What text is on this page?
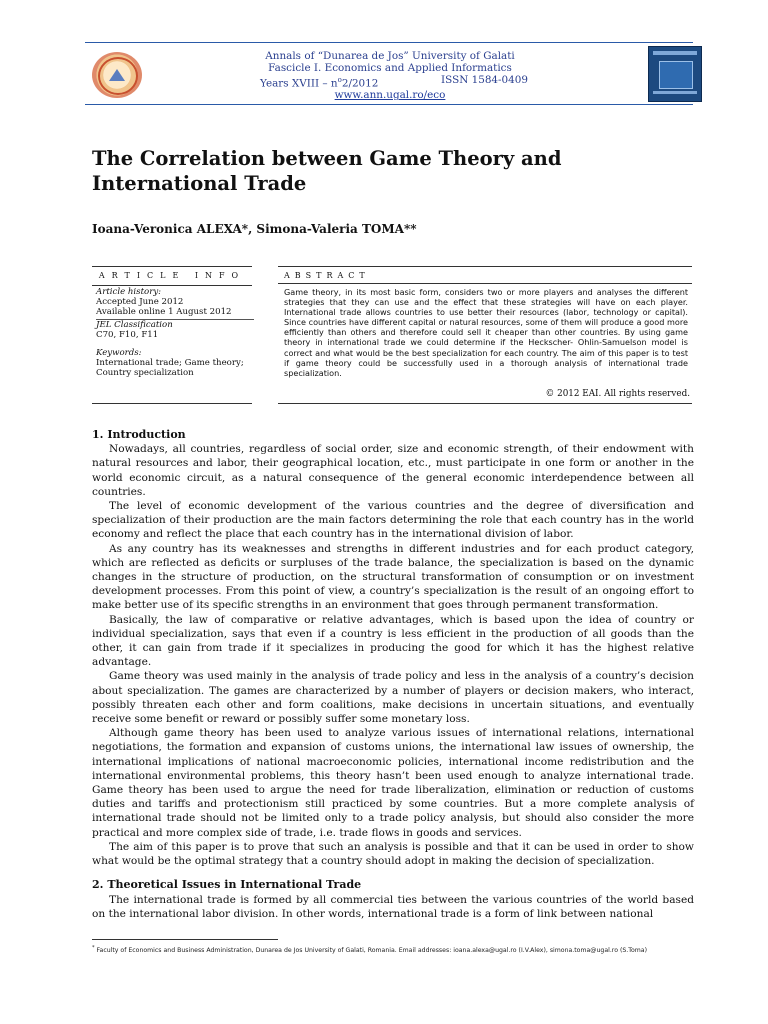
Annals of “Dunarea de Jos” University of Galati
Fascicle I. Economics and Applied Informatics
Years XVIII – $n^o2/2012$	ISSN 1584-0409
www.ann.ugal.ro/eco
The Correlation between Game Theory and International Trade
Ioana-Veronica ALEXA*, Simona-Valeria TOMA**
ARTICLE INFO	ABSTRACT
Article history:
Accepted June 2012
Available online 1 August 2012
JEL Classification
C70, F10, F11
Keywords:
International trade; Game theory;
Country specialization
Game theory, in its most basic form, considers two or more players and analyses the different strategies that they can use and the effect that these strategies will have on each player. International trade allows countries to use better their resources (labor, technology or capital). Since countries have different capital or natural resources, some of them will produce a good more efficiently than others and therefore could sell it cheaper than other countries. By using game theory in international trade we could determine if the Heckscher- Ohlin-Samuelson model is correct and what would be the best specialization for each country. The aim of this paper is to test if game theory could be successfully used in a thorough analysis of international trade specialization.
© 2012 EAI. All rights reserved.
1. Introduction

Nowadays, all countries, regardless of social order, size and economic strength, of their endowment with natural resources and labor, their geographical location, etc., must participate in one form or another in the world economic circuit, as a natural consequence of the general economic interdependence between all countries.

The level of economic development of the various countries and the degree of diversification and specialization of their production are the main factors determining the role that each country has in the world economy and reflect the place that each country has in the international division of labor.

As any country has its weaknesses and strengths in different industries and for each product category, which are reflected as deficits or surpluses of the trade balance, the specialization is based on the dynamic changes in the structure of production, on the structural transformation of consumption or on investment development processes. From this point of view, a country’s specialization is the result of an ongoing effort to make better use of its specific strengths in an environment that goes through permanent transformation.

Basically, the law of comparative or relative advantages, which is based upon the idea of country or individual specialization, says that even if a country is less efficient in the production of all goods than the other, it can gain from trade if it specializes in producing the good for which it has the highest relative advantage.

Game theory was used mainly in the analysis of trade policy and less in the analysis of a country’s decision about specialization. The games are characterized by a number of players or decision makers, who interact, possibly threaten each other and form coalitions, make decisions in uncertain situations, and eventually receive some benefit or reward or possibly suffer some monetary loss.

Although game theory has been used to analyze various issues of international relations, international negotiations, the formation and expansion of customs unions, the international law issues of ownership, the international implications of national macroeconomic policies, international income redistribution and the international environmental problems, this theory hasn’t been used enough to analyze international trade. Game theory has been used to argue the need for trade liberalization, elimination or reduction of customs duties and tariffs and protectionism still practiced by some countries. But a more complete analysis of international trade should not be limited only to a trade policy analysis, but should also consider the more practical and more complex side of trade, i.e. trade flows in goods and services.

The aim of this paper is to prove that such an analysis is possible and that it can be used in order to show what would be the optimal strategy that a country should adopt in making the decision of specialization.

2. Theoretical Issues in International Trade

The international trade is formed by all commercial ties between the various countries of the world based on the international labor division. In other words, international trade is a form of link between national

* Faculty of Economics and Business Administration, Dunarea de Jos University of Galati, Romania. Email addresses: ioana.alexa@ugal.ro (I.V.Alex), simona.toma@ugal.ro (S.Toma)
